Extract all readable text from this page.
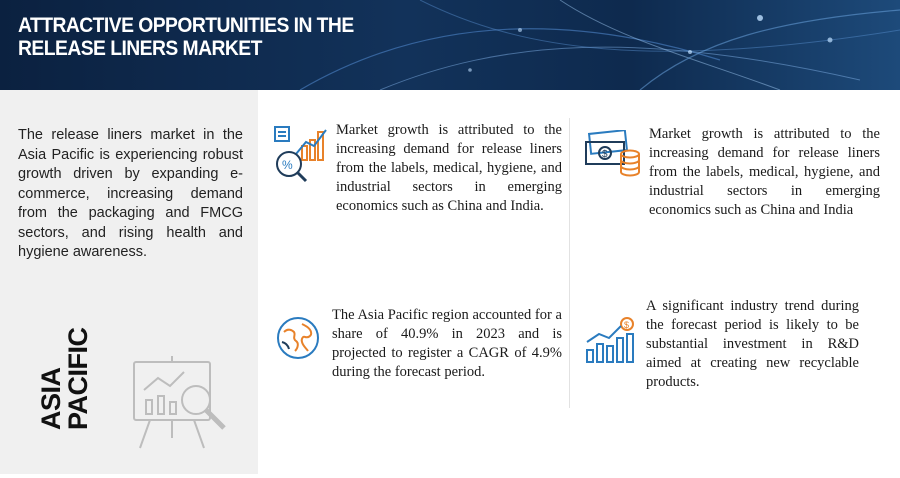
ATTRACTIVE OPPORTUNITIES IN THE
RELEASE LINERS MARKET

The release liners market in the Asia Pacific is experiencing robust growth driven by expanding e-commerce, increasing demand from the packaging and FMCG sectors, and rising health and hygiene awareness.

ASIA
PACIFIC
%

Market growth is attributed to the increasing demand for release liners from the labels, medical, hygiene, and industrial sectors in emerging economics such as China and India.

$

Market growth is attributed to the increasing demand for release liners from the labels, medical, hygiene, and industrial sectors in emerging economics such as China and India

The Asia Pacific region accounted for a share of 40.9% in 2023 and is projected to register a CAGR of 4.9% during the forecast period.

$

A significant industry trend during the forecast period is likely to be substantial investment in R&D aimed at creating new recyclable products.
